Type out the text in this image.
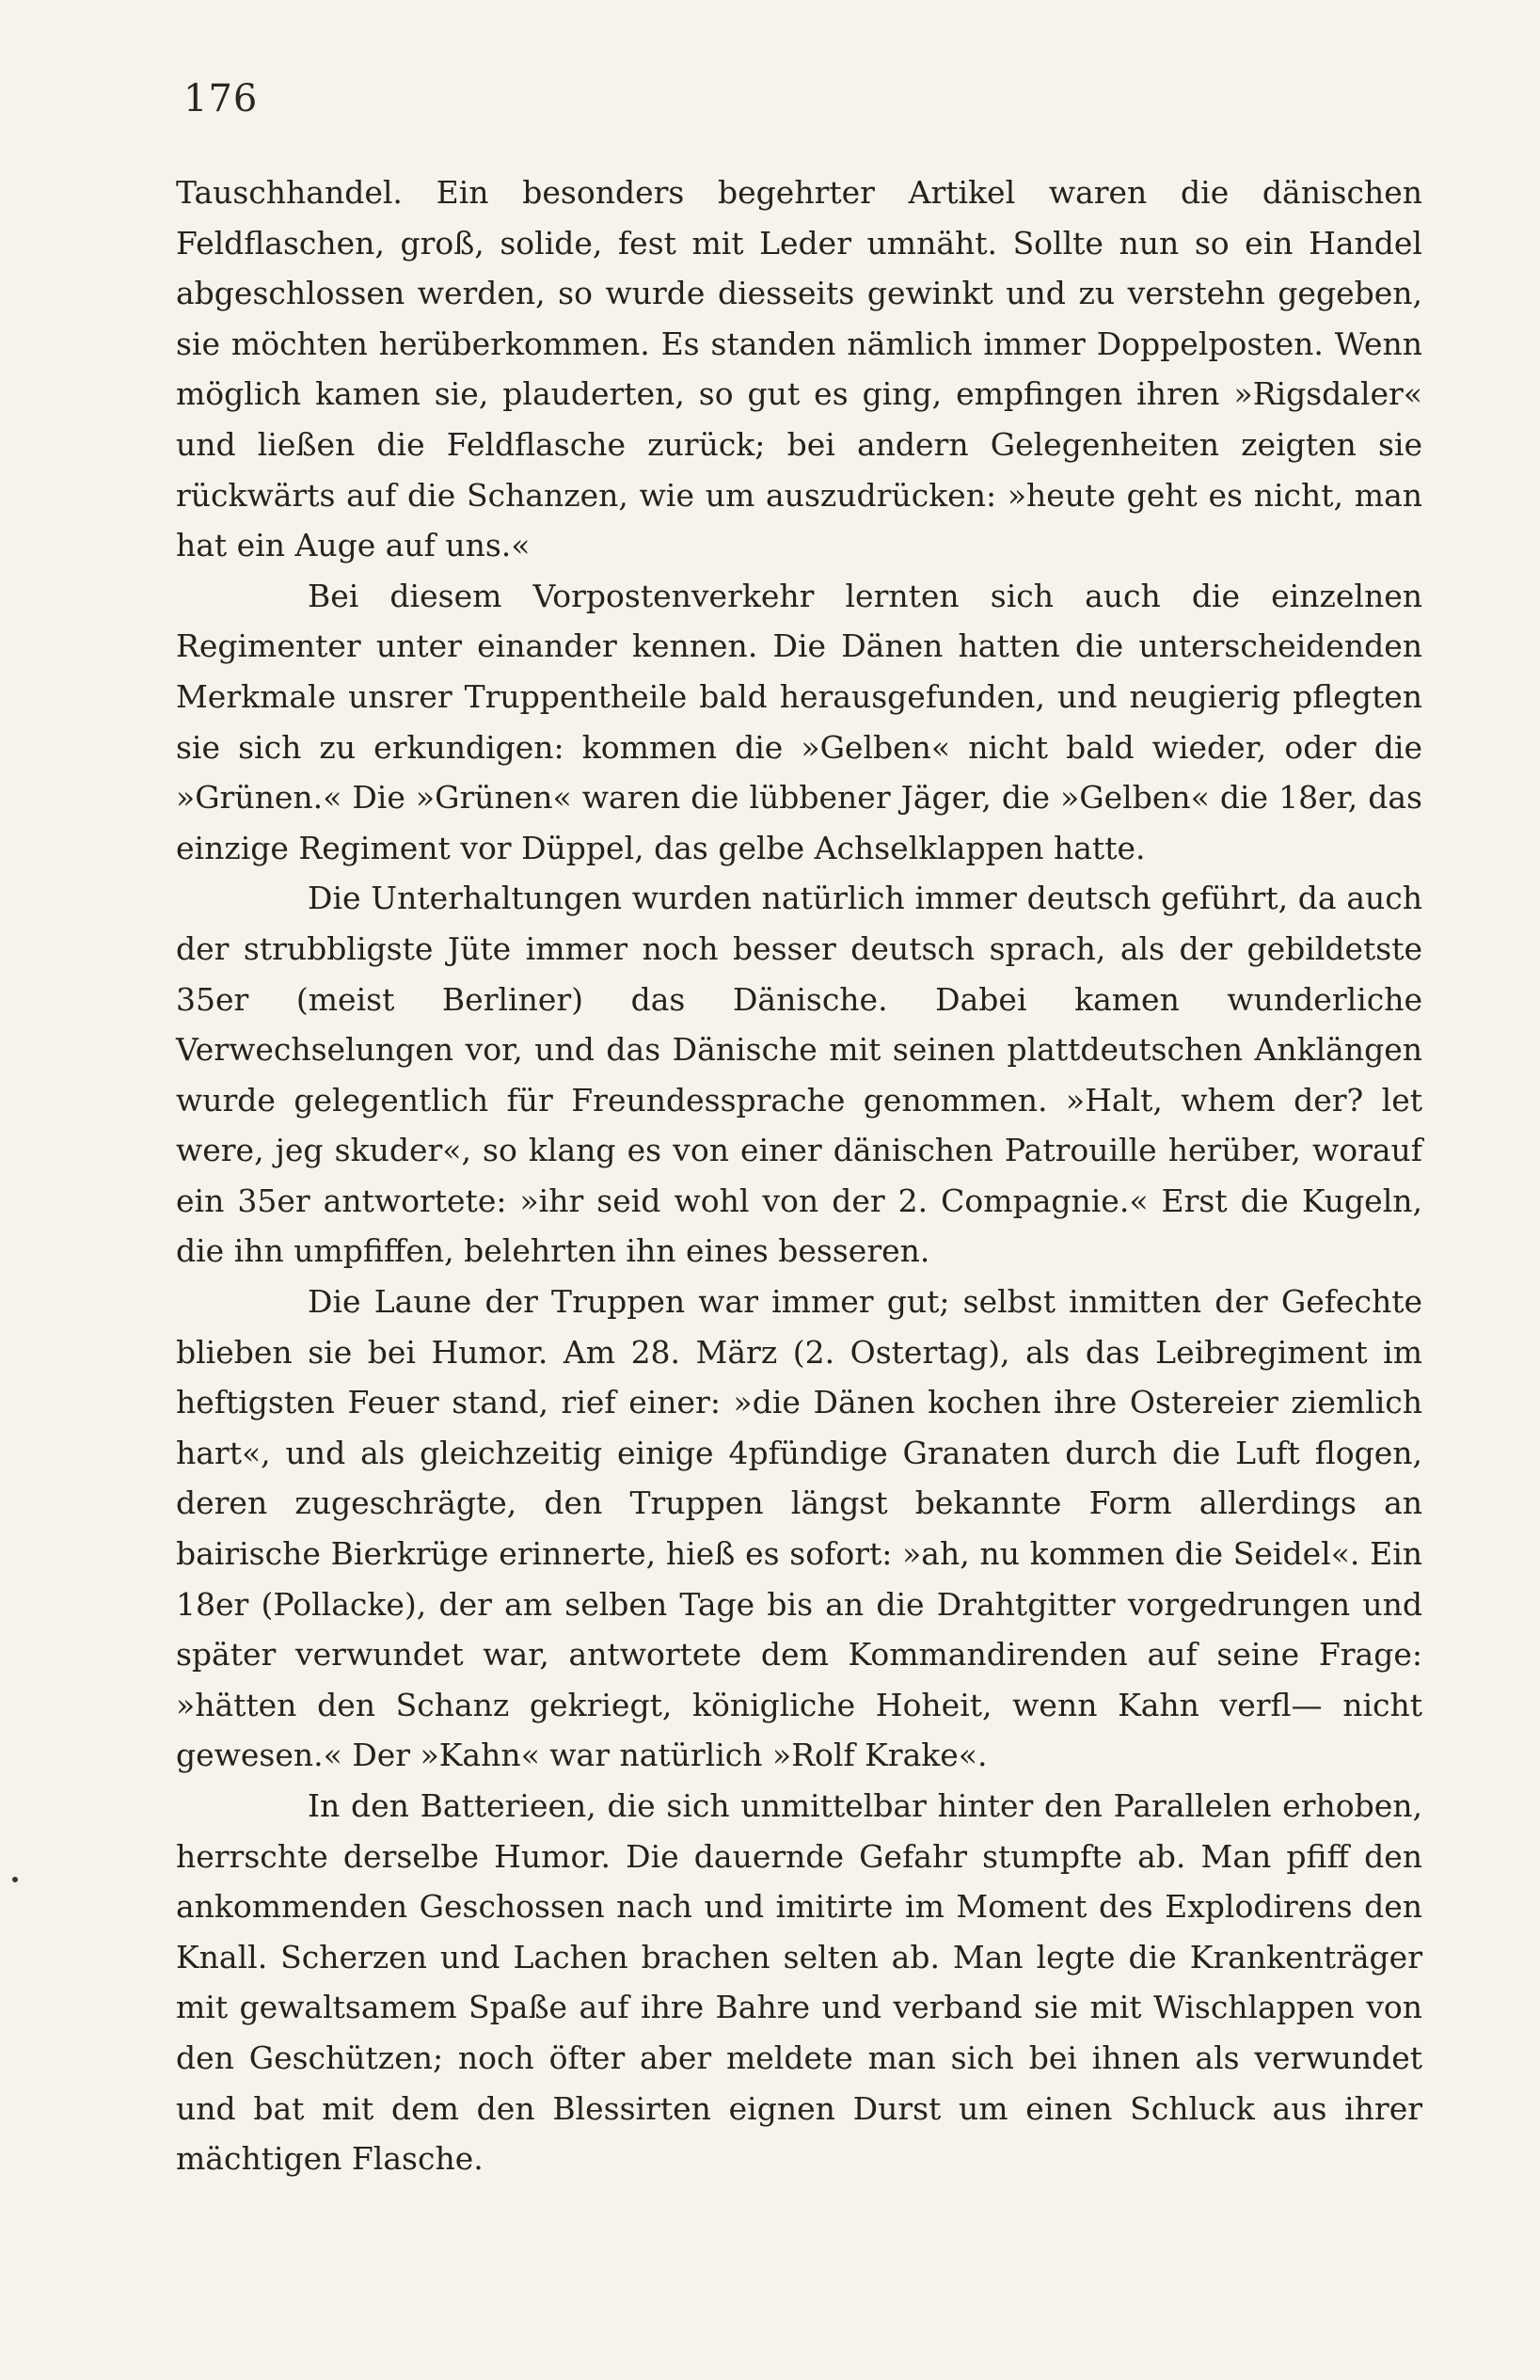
176

Tauschhandel. Ein besonders begehrter Artikel waren die dänischen Feldflaschen, groß, solide, fest mit Leder umnäht. Sollte nun so ein Handel abgeschlossen werden, so wurde diesseits gewinkt und zu verstehn gegeben, sie möchten herüberkommen. Es standen nämlich immer Doppelposten. Wenn möglich kamen sie, plauderten, so gut es ging, empfingen ihren »Rigsdaler« und ließen die Feldflasche zurück; bei andern Gelegenheiten zeigten sie rückwärts auf die Schanzen, wie um auszudrücken: »heute geht es nicht, man hat ein Auge auf uns.«

Bei diesem Vorpostenverkehr lernten sich auch die einzelnen Regimenter unter einander kennen. Die Dänen hatten die unterscheidenden Merkmale unsrer Truppentheile bald herausgefunden, und neugierig pflegten sie sich zu erkundigen: kommen die »Gelben« nicht bald wieder, oder die »Grünen.« Die »Grünen« waren die lübbener Jäger, die »Gelben« die 18er, das einzige Regiment vor Düppel, das gelbe Achselklappen hatte.

Die Unterhaltungen wurden natürlich immer deutsch geführt, da auch der strubbligste Jüte immer noch besser deutsch sprach, als der gebildetste 35er (meist Berliner) das Dänische. Dabei kamen wunderliche Verwechselungen vor, und das Dänische mit seinen plattdeutschen Anklängen wurde gelegentlich für Freundessprache genommen. »Halt, whem der? let were, jeg skuder«, so klang es von einer dänischen Patrouille herüber, worauf ein 35er antwortete: »ihr seid wohl von der 2. Compagnie.« Erst die Kugeln, die ihn umpfiffen, belehrten ihn eines besseren.

Die Laune der Truppen war immer gut; selbst inmitten der Gefechte blieben sie bei Humor. Am 28. März (2. Ostertag), als das Leibregiment im heftigsten Feuer stand, rief einer: »die Dänen kochen ihre Ostereier ziemlich hart«, und als gleichzeitig einige 4pfündige Granaten durch die Luft flogen, deren zugeschrägte, den Truppen längst bekannte Form allerdings an bairische Bierkrüge erinnerte, hieß es sofort: »ah, nu kommen die Seidel«. Ein 18er (Pollacke), der am selben Tage bis an die Drahtgitter vorgedrungen und später verwundet war, antwortete dem Kommandirenden auf seine Frage: »hätten den Schanz gekriegt, königliche Hoheit, wenn Kahn verfl— nicht gewesen.« Der »Kahn« war natürlich »Rolf Krake«.

In den Batterieen, die sich unmittelbar hinter den Parallelen erhoben, herrschte derselbe Humor. Die dauernde Gefahr stumpfte ab. Man pfiff den ankommenden Geschossen nach und imitirte im Moment des Explodirens den Knall. Scherzen und Lachen brachen selten ab. Man legte die Krankenträger mit gewaltsamem Spaße auf ihre Bahre und verband sie mit Wischlappen von den Geschützen; noch öfter aber meldete man sich bei ihnen als verwundet und bat mit dem den Blessirten eignen Durst um einen Schluck aus ihrer mächtigen Flasche.
